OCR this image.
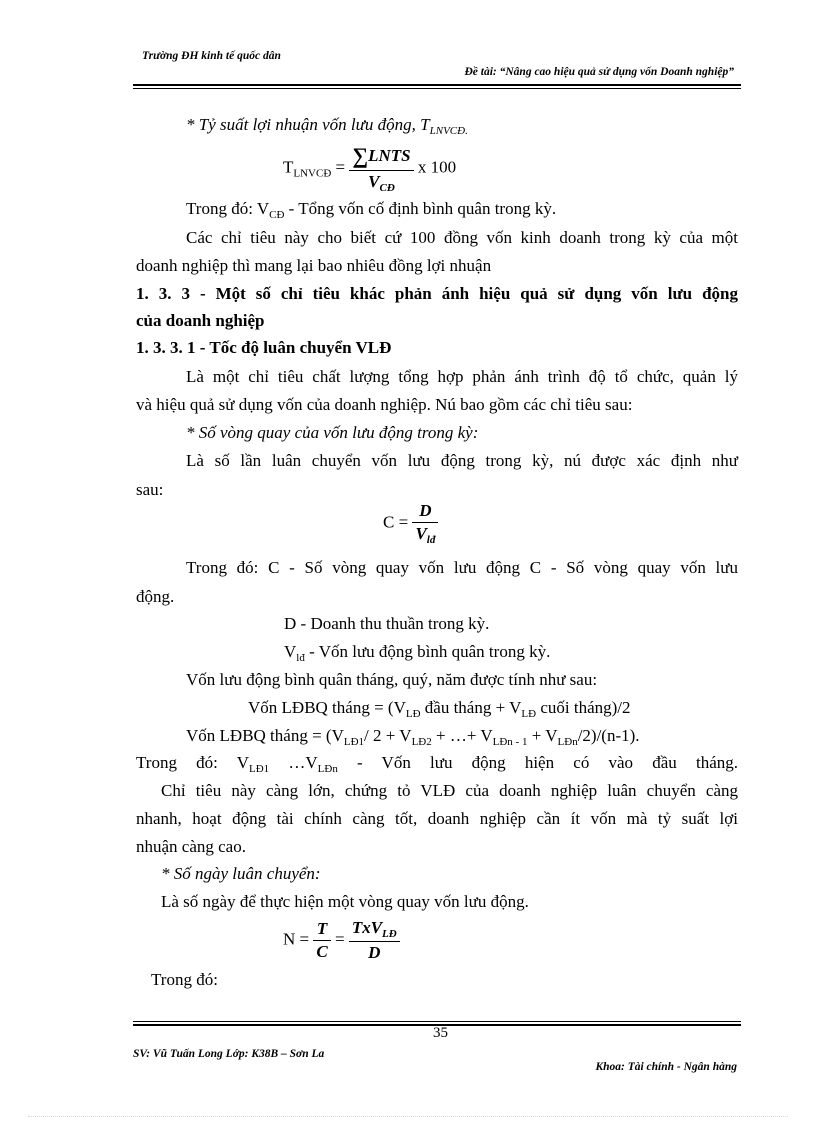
Trường ĐH kinh tế quốc dân
Đề tài: “Nâng cao hiệu quả sử dụng vốn Doanh nghiệp”
* Tỷ suất lợi nhuận vốn lưu động, $T_{LNVCĐ.}$
$T_{LNVCĐ} = \frac{\text{∑LNTS}}{V_{CĐ}}$ x 100
Trong đó: $V_{CĐ}$ - Tổng vốn cố định bình quân trong kỳ.
Các chỉ tiêu này cho biết cứ 100 đồng vốn kinh doanh trong kỳ của một
doanh nghiệp thì mang lại bao nhiêu đồng lợi nhuận
1. 3. 3 - Một số chỉ tiêu khác phản ánh hiệu quả sử dụng vốn lưu động
của doanh nghiệp
1. 3. 3. 1 - Tốc độ luân chuyển VLĐ
Là một chỉ tiêu chất lượng tổng hợp phản ánh trình độ tổ chức, quản lý
và hiệu quả sử dụng vốn của doanh nghiệp. Nú bao gồm các chỉ tiêu sau:
* Số vòng quay của vốn lưu động trong kỳ:
Là số lần luân chuyển vốn lưu động trong kỳ, nú được xác định như
sau:
$C = \frac{D}{V_{lđ}}$
Trong đó: C - Số vòng quay vốn lưu động C - Số vòng quay vốn lưu
động.
D - Doanh thu thuần trong kỳ.
$V_{lđ}$ - Vốn lưu động bình quân trong kỳ.
Vốn lưu động bình quân tháng, quý, năm được tính như sau:
Vốn LĐBQ tháng = ($V_{LĐ}$ đầu tháng + $V_{LĐ}$ cuối tháng)/2
Vốn LĐBQ tháng = ($V_{LĐ1}/$ $2 + V_{LĐ2}$ + …+ $V_{LĐn - 1} + V_{LĐn}/2)/(n-1)$.
Trong đó: $V_{LĐ1}$ $\dots V_{LĐn}$ - Vốn lưu động hiện có vào đầu tháng.
Chỉ tiêu này càng lớn, chứng tỏ VLĐ của doanh nghiệp luân chuyển càng
nhanh, hoạt động tài chính càng tốt, doanh nghiệp cần ít vốn mà tỷ suất lợi
nhuận càng cao.
* Số ngày luân chuyển:
Là số ngày để thực hiện một vòng quay vốn lưu động.
$N = \frac{T}{C} = \frac{TxV_{LĐ}}{D}$
Trong đó:
35
SV: Vũ Tuấn Long Lớp: K38B – Sơn La
Khoa: Tài chính - Ngân hàng
